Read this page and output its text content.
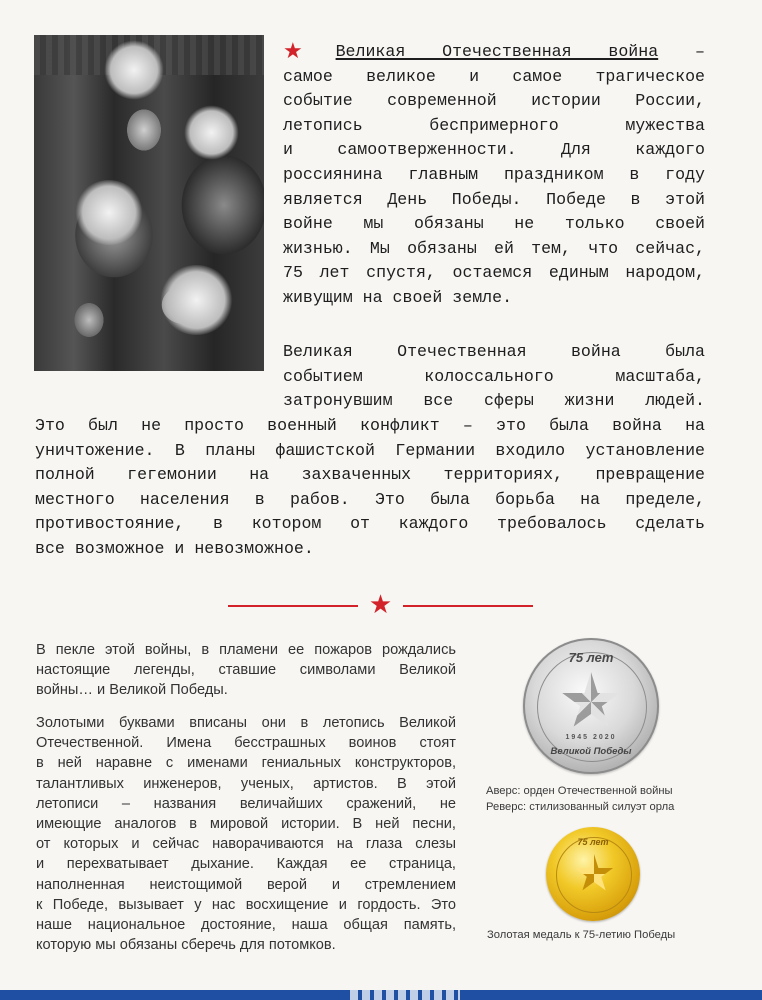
★ Великая Отечественная война –
самое великое и самое трагическое
событие современной истории России,
летопись беспримерного мужества
и самоотверженности. Для каждого
россиянина главным праздником в году
является День Победы. Победе в этой
войне мы обязаны не только своей
жизнью. Мы обязаны ей тем, что сейчас,
75 лет спустя, остаемся единым народом,
живущим на своей земле.
Великая Отечественная война была
событием колоссального масштаба,
затронувшим все сферы жизни людей.
Это был не просто военный конфликт – это была война на
уничтожение. В планы фашистской Германии входило установление
полной гегемонии на захваченных территориях, превращение
местного населения в рабов. Это была борьба на пределе,
противостояние, в котором от каждого требовалось сделать
все возможное и невозможное.
★
В пекле этой войны, в пламени ее пожаров рождались
настоящие легенды, ставшие символами Великой
войны… и Великой Победы.
Золотыми буквами вписаны они в летопись Великой
Отечественной. Имена бесстрашных воинов стоят
в ней наравне с именами гениальных конструкторов,
талантливых инженеров, ученых, артистов. В этой
летописи – названия величайших сражений, не
имеющие аналогов в мировой истории. В ней песни,
от которых и сейчас наворачиваются на глаза слезы
и перехватывает дыхание. Каждая ее страница,
наполненная неистощимой верой и стремлением
к Победе, вызывает у нас восхищение и гордость. Это
наше национальное достояние, наша общая память,
которую мы обязаны сберечь для потомков.
75 лет
1945 2020
Великой Победы
Аверс: орден Отечественной войны
Реверс: стилизованный силуэт орла
75 лет
Золотая медаль к 75-летию Победы
